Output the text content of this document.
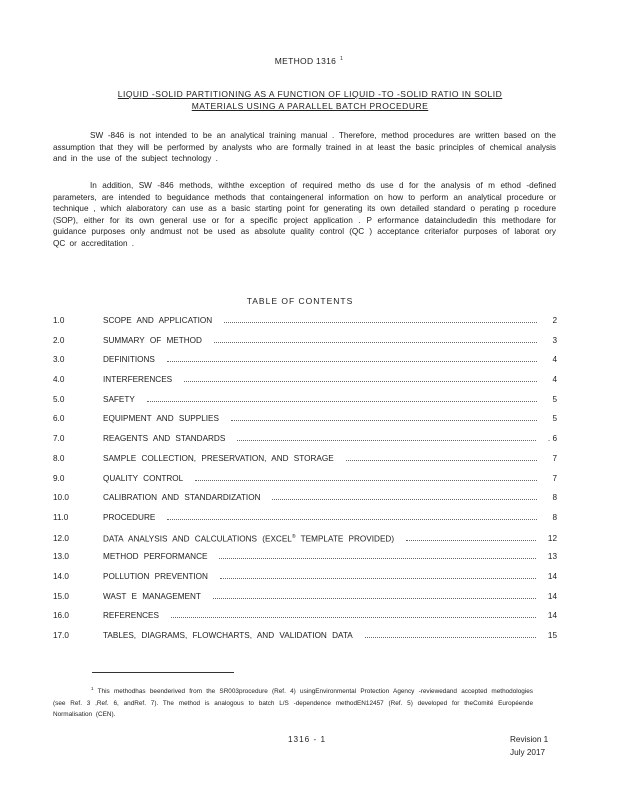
METHOD 1316 $^1$
LIQUID -SOLID PARTITIONING AS A FUNCTION OF LIQUID -TO -SOLID RATIO IN SOLID
MATERIALS USING A PARALLEL BATCH PROCEDURE
SW -846 is not intended to be an analytical training manual . Therefore, method procedures are written based on the assumption that they will be performed by analysts who are formally trained in at least the basic principles of chemical analysis and in the use of the subject technology .
In addition, SW -846 methods, withthe exception of required metho ds use d for the analysis of m ethod -defined parameters, are intended to beguidance methods that containgeneral information on how to perform an analytical procedure or technique , which alaboratory can use as a basic starting point for generating its own detailed standard o perating p rocedure (SOP), either for its own general use or for a specific project application . P erformance dataincludedin this methodare for guidance purposes only andmust not be used as absolute quality control (QC ) acceptance criteriafor purposes of laborat ory QC or accreditation .
TABLE OF CONTENTS
1.0	SCOPE AND APPLICATION	2
2.0	SUMMARY OF METHOD	3
3.0	DEFINITIONS	4
4.0	INTERFERENCES	4
5.0	SAFETY	5
6.0	EQUIPMENT AND SUPPLIES	5
7.0	REAGENTS AND STANDARDS	. 6
8.0	SAMPLE COLLECTION, PRESERVATION, AND STORAGE	7
9.0	QUALITY CONTROL	7
10.0	CALIBRATION AND STANDARDIZATION	8
11.0	PROCEDURE	8
12.0	DATA ANALYSIS AND CALCULATIONS (EXCEL® TEMPLATE PROVIDED)	12
13.0	METHOD PERFORMANCE	13
14.0	POLLUTION PREVENTION	14
15.0	WAST E MANAGEMENT	14
16.0	REFERENCES	14
17.0	TABLES, DIAGRAMS, FLOWCHARTS, AND VALIDATION DATA	15
$^1$ This methodhas beenderived from the SR003procedure (Ref. 4) usingEnvironmental Protection Agency -reviewedand accepted methodologies (see Ref. 3 ,Ref. 6, andRef. 7). The method is analogous to batch L/S -dependence methodEN12457 (Ref. 5) developed for theComité Européende Normalisation (CEN).
1316 - 1	Revision 1
July 2017
